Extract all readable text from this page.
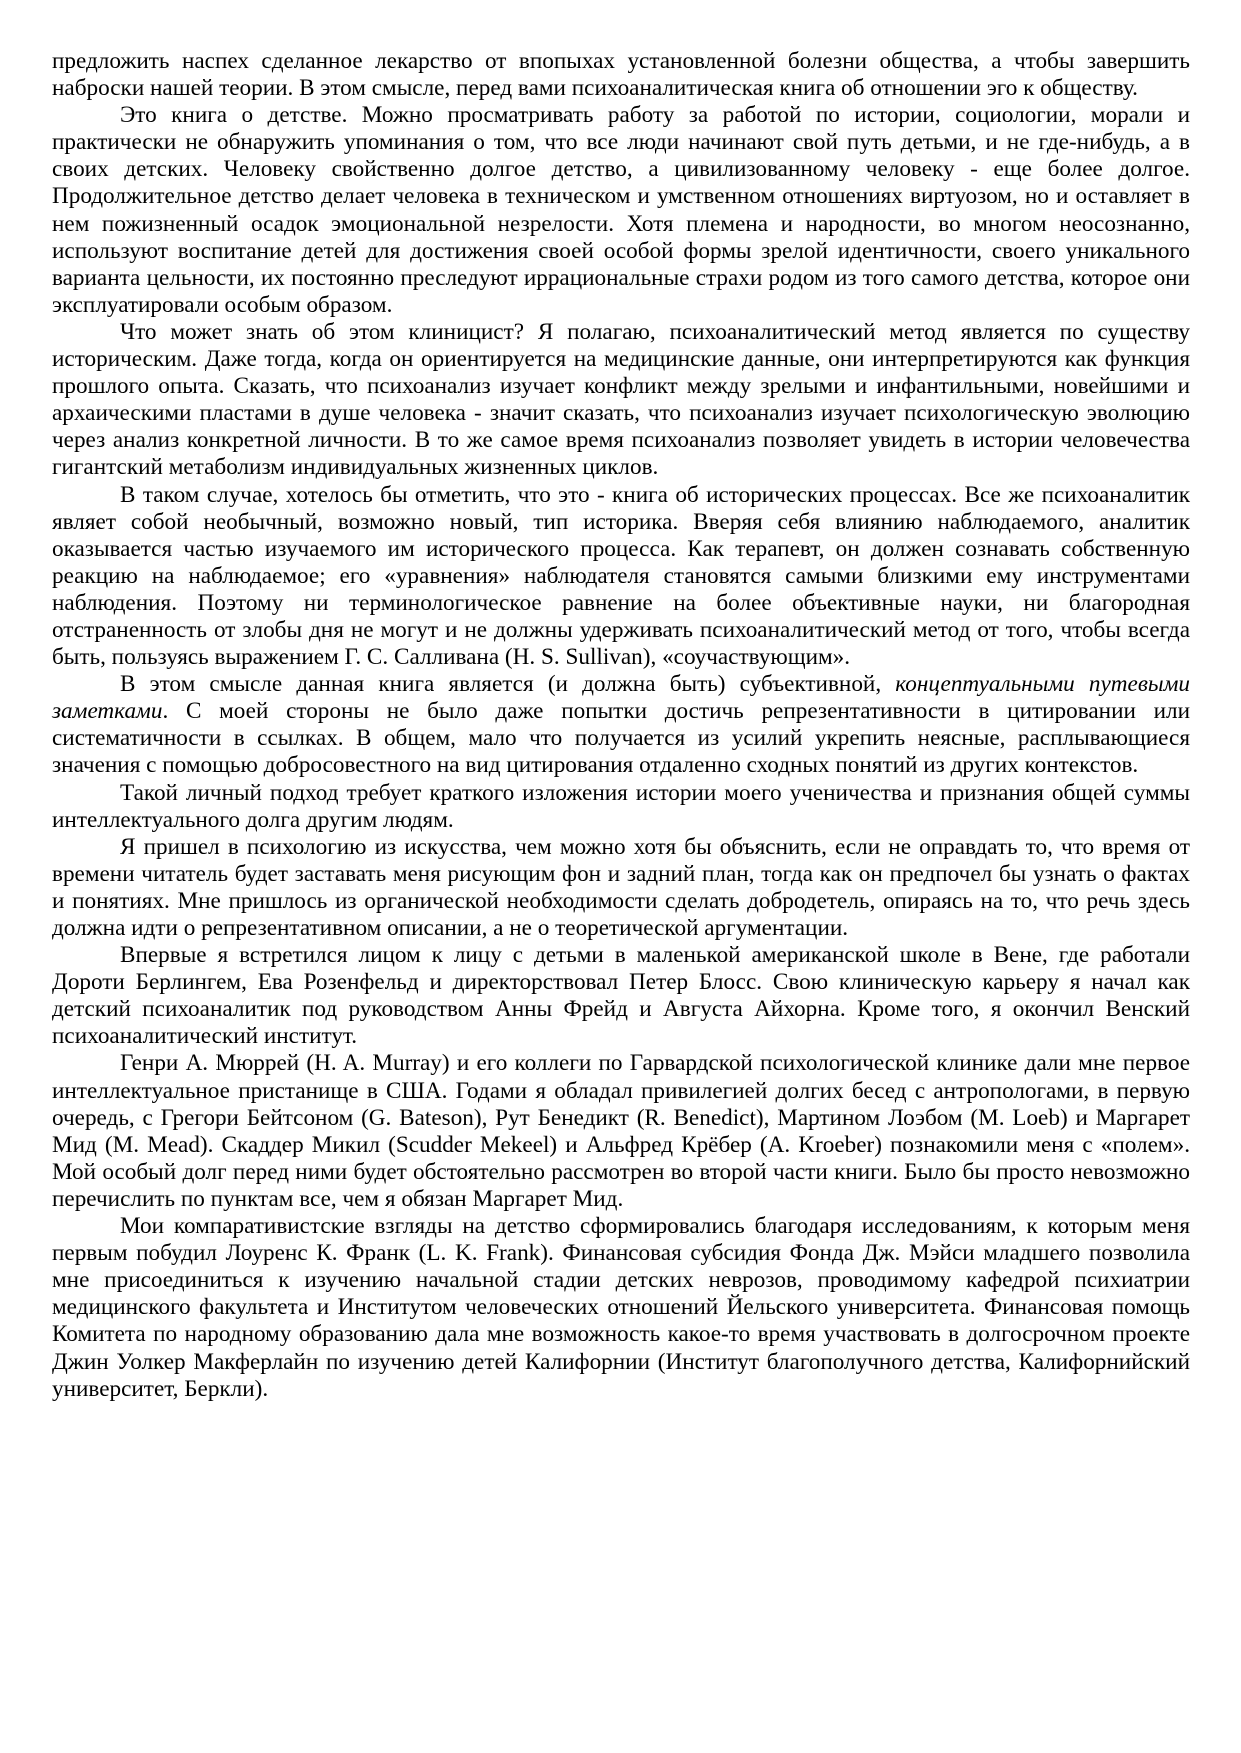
предложить наспех сделанное лекарство от впопыхах установленной болезни общества, а чтобы завершить наброски нашей теории. В этом смысле, перед вами психоаналитическая книга об отношении эго к обществу.

Это книга о детстве. Можно просматривать работу за работой по истории, социологии, морали и практически не обнаружить упоминания о том, что все люди начинают свой путь детьми, и не где-нибудь, а в своих детских. Человеку свойственно долгое детство, а цивилизованному человеку - еще более долгое. Продолжительное детство делает человека в техническом и умственном отношениях виртуозом, но и оставляет в нем пожизненный осадок эмоциональной незрелости. Хотя племена и народности, во многом неосознанно, используют воспитание детей для достижения своей особой формы зрелой идентичности, своего уникального варианта цельности, их постоянно преследуют иррациональные страхи родом из того самого детства, которое они эксплуатировали особым образом.

Что может знать об этом клиницист? Я полагаю, психоаналитический метод является по существу историческим. Даже тогда, когда он ориентируется на медицинские данные, они интерпретируются как функция прошлого опыта. Сказать, что психоанализ изучает конфликт между зрелыми и инфантильными, новейшими и архаическими пластами в душе человека - значит сказать, что психоанализ изучает психологическую эволюцию через анализ конкретной личности. В то же самое время психоанализ позволяет увидеть в истории человечества гигантский метаболизм индивидуальных жизненных циклов.

В таком случае, хотелось бы отметить, что это - книга об исторических процессах. Все же психоаналитик являет собой необычный, возможно новый, тип историка. Вверяя себя влиянию наблюдаемого, аналитик оказывается частью изучаемого им исторического процесса. Как терапевт, он должен сознавать собственную реакцию на наблюдаемое; его «уравнения» наблюдателя становятся самыми близкими ему инструментами наблюдения. Поэтому ни терминологическое равнение на более объективные науки, ни благородная отстраненность от злобы дня не могут и не должны удерживать психоаналитический метод от того, чтобы всегда быть, пользуясь выражением Г. С. Салливана (H. S. Sullivan), «соучаствующим».

В этом смысле данная книга является (и должна быть) субъективной, концептуальными путевыми заметками. С моей стороны не было даже попытки достичь репрезентативности в цитировании или систематичности в ссылках. В общем, мало что получается из усилий укрепить неясные, расплывающиеся значения с помощью добросовестного на вид цитирования отдаленно сходных понятий из других контекстов.

Такой личный подход требует краткого изложения истории моего ученичества и признания общей суммы интеллектуального долга другим людям.

Я пришел в психологию из искусства, чем можно хотя бы объяснить, если не оправдать то, что время от времени читатель будет заставать меня рисующим фон и задний план, тогда как он предпочел бы узнать о фактах и понятиях. Мне пришлось из органической необходимости сделать добродетель, опираясь на то, что речь здесь должна идти о репрезентативном описании, а не о теоретической аргументации.

Впервые я встретился лицом к лицу с детьми в маленькой американской школе в Вене, где работали Дороти Берлингем, Ева Розенфельд и директорствовал Петер Блосс. Свою клиническую карьеру я начал как детский психоаналитик под руководством Анны Фрейд и Августа Айхорна. Кроме того, я окончил Венский психоаналитический институт.

Генри А. Мюррей (H. A. Murray) и его коллеги по Гарвардской психологической клинике дали мне первое интеллектуальное пристанище в США. Годами я обладал привилегией долгих бесед с антропологами, в первую очередь, с Грегори Бейтсоном (G. Bateson), Рут Бенедикт (R. Benedict), Мартином Лоэбом (M. Loeb) и Маргарет Мид (M. Mead). Скаддер Микил (Scudder Mekeel) и Альфред Крёбер (A. Kroeber) познакомили меня с «полем». Мой особый долг перед ними будет обстоятельно рассмотрен во второй части книги. Было бы просто невозможно перечислить по пунктам все, чем я обязан Маргарет Мид.

Мои компаративистские взгляды на детство сформировались благодаря исследованиям, к которым меня первым побудил Лоуренс К. Франк (L. K. Frank). Финансовая субсидия Фонда Дж. Мэйси младшего позволила мне присоединиться к изучению начальной стадии детских неврозов, проводимому кафедрой психиатрии медицинского факультета и Институтом человеческих отношений Йельского университета. Финансовая помощь Комитета по народному образованию дала мне возможность какое-то время участвовать в долгосрочном проекте Джин Уолкер Макферлайн по изучению детей Калифорнии (Институт благополучного детства, Калифорнийский университет, Беркли).
